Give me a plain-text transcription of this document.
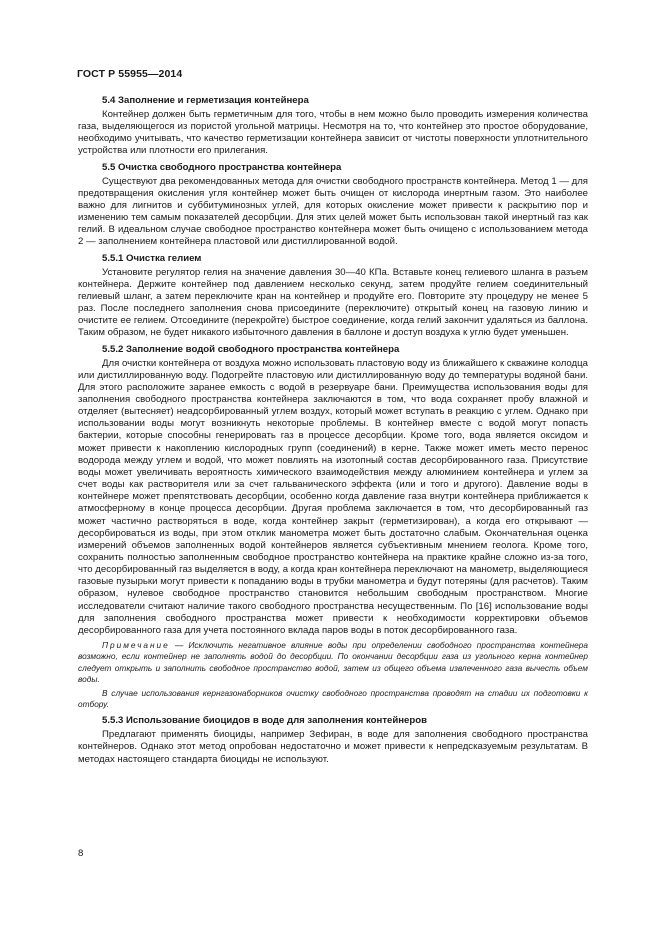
ГОСТ Р 55955—2014
5.4 Заполнение и герметизация контейнера

Контейнер должен быть герметичным для того, чтобы в нем можно было проводить измерения количества газа, выделяющегося из пористой угольной матрицы. Несмотря на то, что контейнер это простое оборудование, необходимо учитывать, что качество герметизации контейнера зависит от чистоты поверхности уплотнительного устройства или плотности его прилегания.

5.5 Очистка свободного пространства контейнера

Существуют два рекомендованных метода для очистки свободного пространств контейнера. Метод 1 — для предотвращения окисления угля контейнер может быть очищен от кислорода инертным газом. Это наиболее важно для лигнитов и суббитуминозных углей, для которых окисление может привести к раскрытию пор и изменению тем самым показателей десорбции. Для этих целей может быть использован такой инертный газ как гелий. В идеальном случае свободное пространство контейнера может быть очищено с использованием метода 2 — заполнением контейнера пластовой или дистиллированной водой.

5.5.1 Очистка гелием

Установите регулятор гелия на значение давления 30—40 КПа. Вставьте конец гелиевого шланга в разъем контейнера. Держите контейнер под давлением несколько секунд, затем продуйте гелием соединительный гелиевый шланг, а затем переключите кран на контейнер и продуйте его. Повторите эту процедуру не менее 5 раз. После последнего заполнения снова присоедините (переключите) открытый конец на газовую линию и очистите ее гелием. Отсоедините (перекройте) быстрое соединение, когда гелий закончит удаляться из баллона. Таким образом, не будет никакого избыточного давления в баллоне и доступ воздуха к углю будет уменьшен.

5.5.2 Заполнение водой свободного пространства контейнера

Для очистки контейнера от воздуха можно использовать пластовую воду из ближайшего к скважине колодца или дистиллированную воду. Подогрейте пластовую или дистиллированную воду до температуры водяной бани. Для этого расположите заранее емкость с водой в резервуаре бани. Преимущества использования воды для заполнения свободного пространства контейнера заключаются в том, что вода сохраняет пробу влажной и отделяет (вытесняет) неадсорбированный углем воздух, который может вступать в реакцию с углем. Однако при использовании воды могут возникнуть некоторые проблемы. В контейнер вместе с водой могут попасть бактерии, которые способны генерировать газ в процессе десорбции. Кроме того, вода является оксидом и может привести к накоплению кислородных групп (соединений) в керне. Также может иметь место перенос водорода между углем и водой, что может повлиять на изотопный состав десорбированного газа. Присутствие воды может увеличивать вероятность химического взаимодействия между алюминием контейнера и углем за счет воды как растворителя или за счет гальванического эффекта (или и того и другого). Давление воды в контейнере может препятствовать десорбции, особенно когда давление газа внутри контейнера приближается к атмосферному в конце процесса десорбции. Другая проблема заключается в том, что десорбированный газ может частично растворяться в воде, когда контейнер закрыт (герметизирован), а когда его открывают — десорбироваться из воды, при этом отклик манометра может быть достаточно слабым. Окончательная оценка измерений объемов заполненных водой контейнеров является субъективным мнением геолога. Кроме того, сохранить полностью заполненным свободное пространство контейнера на практике крайне сложно из-за того, что десорбированный газ выделяется в воду, а когда кран контейнера переключают на манометр, выделяющиеся газовые пузырьки могут привести к попаданию воды в трубки манометра и будут потеряны (для расчетов). Таким образом, нулевое свободное пространство становится небольшим свободным пространством. Многие исследователи считают наличие такого свободного пространства несущественным. По [16] использование воды для заполнения свободного пространства может привести к необходимости корректировки объемов десорбированного газа для учета постоянного вклада паров воды в поток десорбированного газа.

Примечание — Исключить негативное влияние воды при определении свободного пространства контейнера возможно, если контейнер не заполнять водой до десорбции. По окончании десорбции газа из угольного керна контейнер следует открыть и заполнить свободное пространство водой, затем из общего объема извлеченного газа вычесть объем воды.

В случае использования кернгазонаборников очистку свободного пространства проводят на стадии их подготовки к отбору.

5.5.3 Использование биоцидов в воде для заполнения контейнеров

Предлагают применять биоциды, например Зефиран, в воде для заполнения свободного пространства контейнеров. Однако этот метод опробован недостаточно и может привести к непредсказуемым результатам. В методах настоящего стандарта биоциды не используют.

8
